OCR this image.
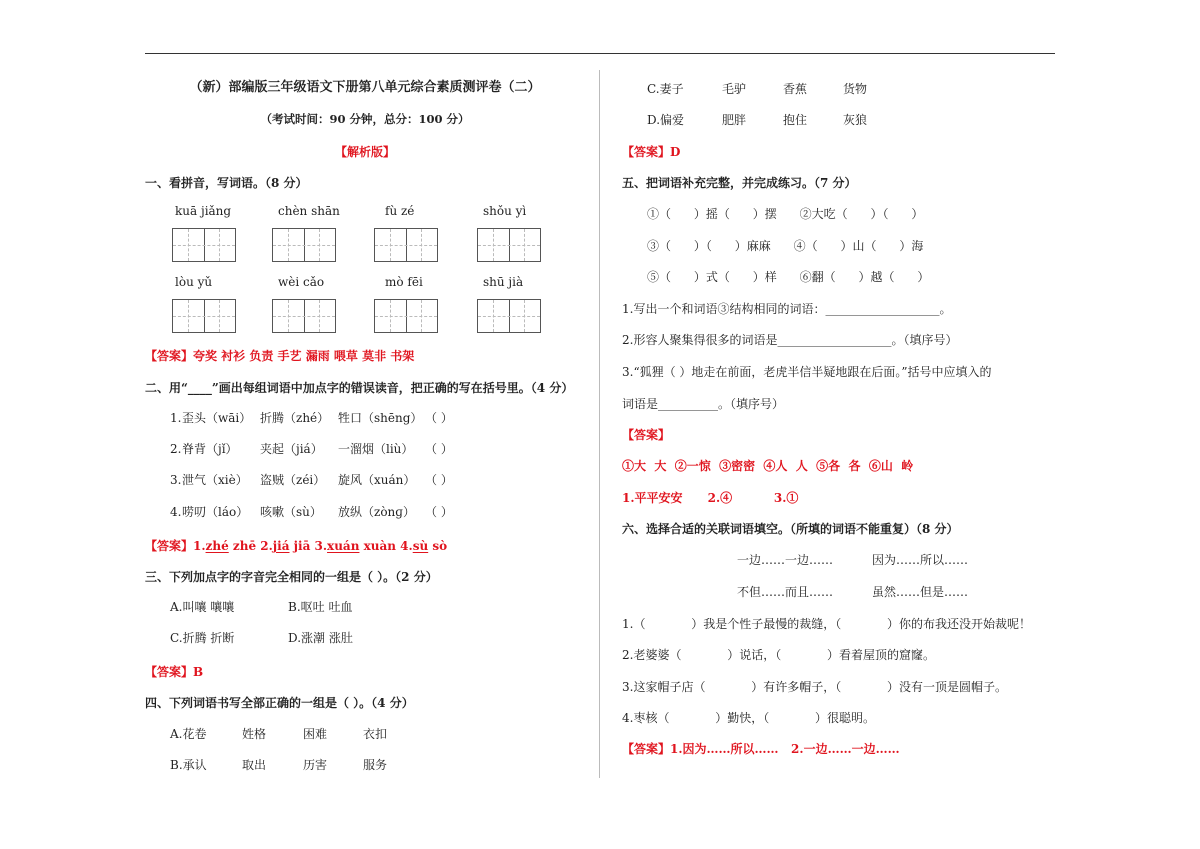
（新）部编版三年级语文下册第八单元综合素质测评卷（二）
（考试时间：90 分钟，总分：100 分）
【解析版】
一、看拼音，写词语。（8 分）
kuā jiǎng	chèn shān	fù zé	shǒu yì
lòu yǔ	wèi cǎo	mò fēi	shū jià
【答案】夸奖 衬衫 负责 手艺 漏雨 喂草 莫非 书架
二、用“____”画出每组词语中加点字的错误读音，把正确的写在括号里。（4 分）
1. 歪头（wāi） 折腾（zhé） 牲口（shēng） （ ）
2. 脊背（jǐ） 夹起（jiá） 一溜烟（liù） （ ）
3. 泄气（xiè） 盗贼（zéi） 旋风（xuán） （ ）
4. 唠叨（láo） 咳嗽（sù） 放纵（zònɡ） （ ）
【答案】1.zhé zhē 2.jiá jiā 3.xuán xuàn 4.sù sò
三、下列加点字的字音完全相同的一组是（ ）。（2 分）
A.叫嚷 嚷嚷	B.呕吐 吐血
C.折腾 折断	D.涨潮 涨肚
【答案】B
四、下列词语书写全部正确的一组是（ ）。（4 分）
A.花卷	姓格	困难	衣扣
B.承认	取出	历害	服务
C.妻子	毛驴	香蕉	货物
D.偏爱	肥胖	抱住	灰狼
【答案】D
五、把词语补充完整，并完成练习。（7 分）
①（      ）摇（      ）摆      ②大吃（      ）（      ）
③（      ）（      ）麻麻      ④（      ）山（      ）海
⑤（      ）式（      ）样      ⑥翻（      ）越（      ）
1.写出一个和词语③结构相同的词语：___________________。
2.形容人聚集得很多的词语是___________________。（填序号）
3.“狐狸（ ）地走在前面，老虎半信半疑地跟在后面。”括号中应填入的
词语是__________。（填序号）
【答案】
①大  大  ②一惊  ③密密  ④人  人  ⑤各  各  ⑥山  岭
1.平平安安      2.④          3.①
六、选择合适的关联词语填空。（所填的词语不能重复）（8 分）
一边……一边……	因为……所以……
不但……而且……	虽然……但是……
1.（            ）我是个性子最慢的裁缝，（            ）你的布我还没开始裁呢！
2.老婆婆（            ）说话，（            ）看着屋顶的窟窿。
3.这家帽子店（            ）有许多帽子，（            ）没有一顶是圆帽子。
4.枣核（            ）勤快，（            ）很聪明。
【答案】1.因为……所以……   2.一边……一边……
